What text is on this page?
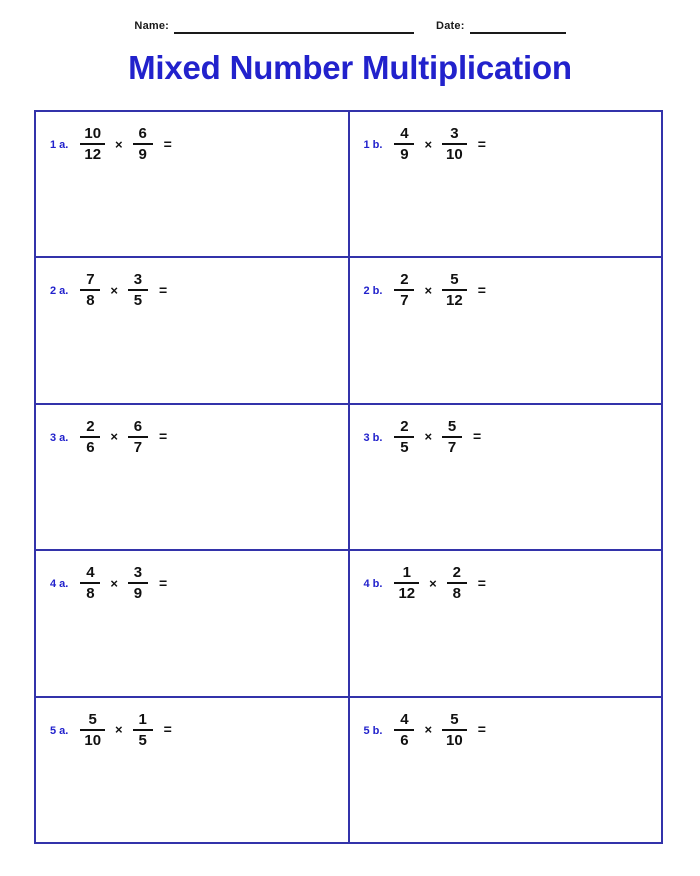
Name:	Date:
Mixed Number Multiplication
1 a. $\frac{10}{12} \times \frac{6}{9}$ =	1 b. $\frac{4}{9} \times \frac{3}{10}$ =
2 a. $\frac{7}{8} \times \frac{3}{5}$ =	2 b. $\frac{2}{7} \times \frac{5}{12}$ =
3 a. $\frac{2}{6} \times \frac{6}{7}$ =	3 b. $\frac{2}{5} \times \frac{5}{7}$ =
4 a. $\frac{4}{8} \times \frac{3}{9}$ =	4 b. $\frac{1}{12} \times \frac{2}{8}$ =
5 a. $\frac{5}{10} \times \frac{1}{5}$ =	5 b. $\frac{4}{6} \times \frac{5}{10}$ =
